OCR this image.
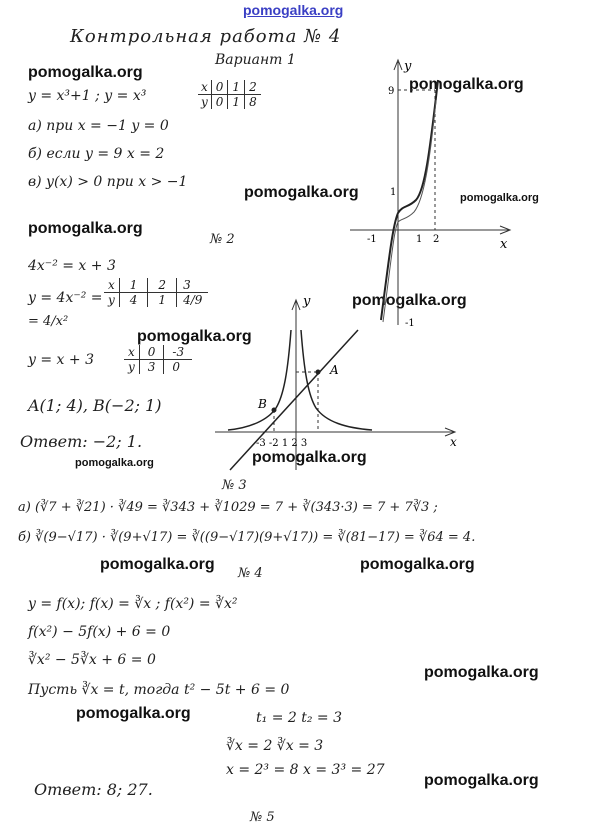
pomogalka.org
pomogalka.org
pomogalka.org
pomogalka.org	pomogalka.org
pomogalka.org
pomogalka.org
pomogalka.org
pomogalka.org
pomogalka.org
pomogalka.org	pomogalka.org
pomogalka.org
pomogalka.org
pomogalka.org
Контрольная работа № 4
Вариант 1
y = x³+1 ; y = x³
x	0	1	2
y	0	1	8
а) при x = −1 y = 0
б) если y = 9 x = 2
в) y(x) > 0 при x > −1
y
x
9
1
-1	1 2
-1
№ 2
4x⁻² = x + 3
y = 4x⁻² =
= 4/x²
x	1	2	3
y	4	1	4/9
y = x + 3	x	0	-3
y	3	0
A(1; 4), B(−2; 1)
Ответ: −2; 1.
y
x
A
B
-3 -2 1 2 3
№ 3
а) (∛7 + ∛21) · ∛49 = ∛343 + ∛1029 = 7 + ∛(343·3) = 7 + 7∛3 ;
б) ∛(9−√17) · ∛(9+√17) = ∛((9−√17)(9+√17)) = ∛(81−17) = ∛64 = 4.
№ 4
y = f(x); f(x) = ∛x ; f(x²) = ∛x²
f(x²) − 5f(x) + 6 = 0
∛x² − 5∛x + 6 = 0
Пусть ∛x = t, тогда t² − 5t + 6 = 0
t₁ = 2 t₂ = 3
∛x = 2 ∛x = 3
x = 2³ = 8 x = 3³ = 27
Ответ: 8; 27.
№ 5
